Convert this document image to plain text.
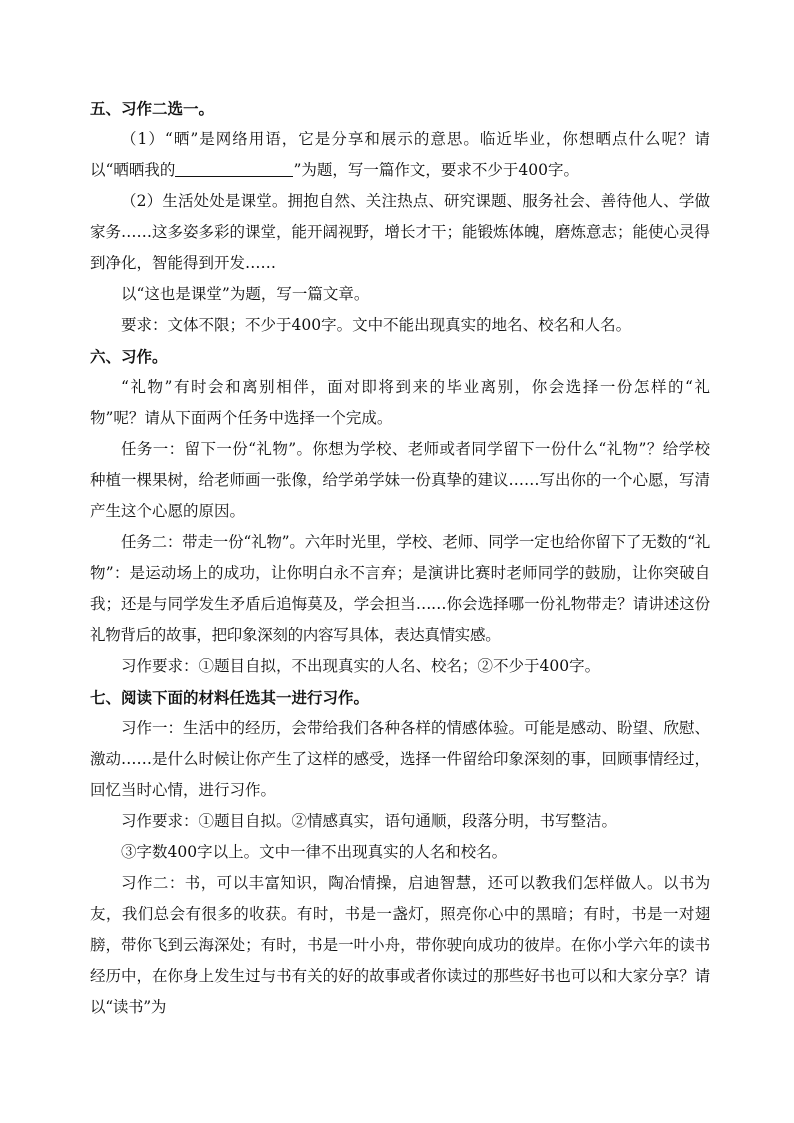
五、习作二选一。

（1）“晒”是网络用语，它是分享和展示的意思。临近毕业，你想晒点什么呢？请以“晒晒我的	”为题，写一篇作文，要求不少于400字。

（2）生活处处是课堂。拥抱自然、关注热点、研究课题、服务社会、善待他人、学做家务……这多姿多彩的课堂，能开阔视野，增长才干；能锻炼体魄，磨炼意志；能使心灵得到净化，智能得到开发……

以“这也是课堂”为题，写一篇文章。

要求：文体不限；不少于400字。文中不能出现真实的地名、校名和人名。

六、习作。

“礼物”有时会和离别相伴，面对即将到来的毕业离别，你会选择一份怎样的“礼物”呢？请从下面两个任务中选择一个完成。

任务一：留下一份“礼物”。你想为学校、老师或者同学留下一份什么“礼物”？给学校种植一棵果树，给老师画一张像，给学弟学妹一份真挚的建议……写出你的一个心愿，写清产生这个心愿的原因。

任务二：带走一份“礼物”。六年时光里，学校、老师、同学一定也给你留下了无数的“礼物”：是运动场上的成功，让你明白永不言弃；是演讲比赛时老师同学的鼓励，让你突破自我；还是与同学发生矛盾后追悔莫及，学会担当……你会选择哪一份礼物带走？请讲述这份礼物背后的故事，把印象深刻的内容写具体，表达真情实感。

习作要求：①题目自拟，不出现真实的人名、校名；②不少于400字。

七、阅读下面的材料任选其一进行习作。

习作一：生活中的经历，会带给我们各种各样的情感体验。可能是感动、盼望、欣慰、激动……是什么时候让你产生了这样的感受，选择一件留给印象深刻的事，回顾事情经过，回忆当时心情，进行习作。

习作要求：①题目自拟。②情感真实，语句通顺，段落分明，书写整洁。

③字数400字以上。文中一律不出现真实的人名和校名。

习作二：书，可以丰富知识，陶冶情操，启迪智慧，还可以教我们怎样做人。以书为友，我们总会有很多的收获。有时，书是一盏灯，照亮你心中的黑暗；有时，书是一对翅膀，带你飞到云海深处；有时，书是一叶小舟，带你驶向成功的彼岸。在你小学六年的读书经历中，在你身上发生过与书有关的好的故事或者你读过的那些好书也可以和大家分享？请以“读书”为
